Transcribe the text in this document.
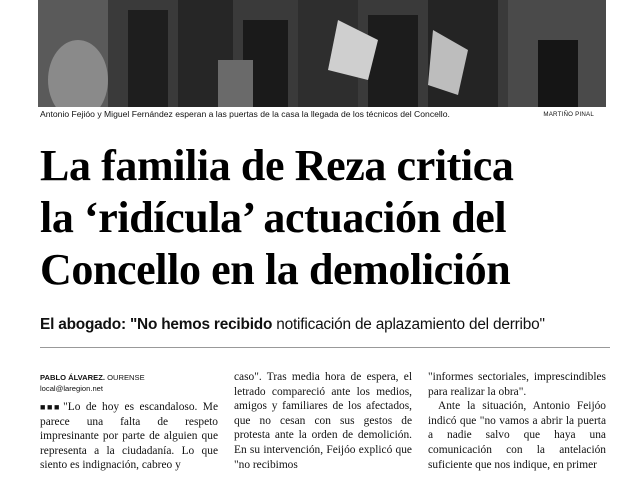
Antonio Fejióo y Miguel Fernández esperan a las puertas de la casa la llegada de los técnicos del Concello.	MARTIÑO PINAL
La familia de Reza critica
la ‘ridícula’ actuación del
Concello en la demolición
El abogado: "No hemos recibido notificación de aplazamiento del derribo"
PABLO ÁLVAREZ. OURENSE
local@laregion.net

■■■ "Lo de hoy es escandaloso. Me parece una falta de respeto impresinante por parte de alguien que representa a la ciudadanía. Lo que siento es indignación, cabreo y

caso". Tras media hora de espera, el letrado compareció ante los medios, amigos y familiares de los afectados, que no cesan con sus gestos de protesta ante la orden de demolición. En su intervención, Feijóo explicó que "no recibimos

"informes sectoriales, imprescindibles para realizar la obra".

Ante la situación, Antonio Feijóo indicó que "no vamos a abrir la puerta a nadie salvo que haya una comunicación con la antelación suficiente que nos indique, en primer
